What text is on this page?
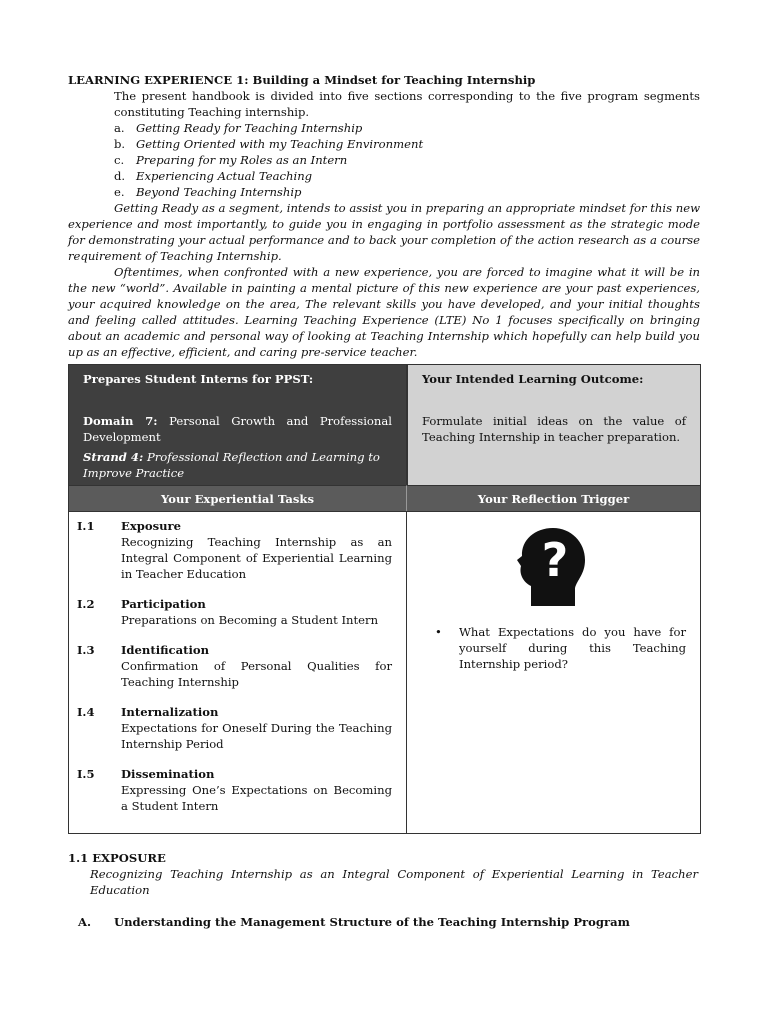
LEARNING EXPERIENCE 1: Building a Mindset for Teaching Internship
The present handbook is divided into five sections corresponding to the five program segments constituting Teaching internship.
a. Getting Ready for Teaching Internship
b. Getting Oriented with my Teaching Environment
c. Preparing for my Roles as an Intern
d. Experiencing Actual Teaching
e. Beyond Teaching Internship
Getting Ready as a segment, intends to assist you in preparing an appropriate mindset for this new experience and most importantly, to guide you in engaging in portfolio assessment as the strategic mode for demonstrating your actual performance and to back your completion of the action research as a course requirement of Teaching Internship.
Oftentimes, when confronted with a new experience, you are forced to imagine what it will be in the new “world”. Available in painting a mental picture of this new experience are your past experiences, your acquired knowledge on the area, The relevant skills you have developed, and your initial thoughts and feeling called attitudes. Learning Teaching Experience (LTE) No 1 focuses specifically on bringing about an academic and personal way of looking at Teaching Internship which hopefully can help build you up as an effective, efficient, and caring pre-service teacher.
Prepares Student Interns for PPST:
Domain 7: Personal Growth and Professional Development
Strand 4: Professional Reflection and Learning to Improve Practice
Your Intended Learning Outcome:
Formulate initial ideas on the value of Teaching Internship in teacher preparation.
Your Experiential Tasks	Your Reflection Trigger
I.1 Exposure
Recognizing Teaching Internship as an Integral Component of Experiential Learning in Teacher Education
I.2 Participation
Preparations on Becoming a Student Intern
I.3 Identification
Confirmation of Personal Qualities for Teaching Internship
I.4 Internalization
Expectations for Oneself During the Teaching Internship Period
I.5 Dissemination
Expressing One’s Expectations on Becoming a Student Intern
?
• What Expectations do you have for yourself during this Teaching Internship period?
1.1 EXPOSURE
Recognizing Teaching Internship as an Integral Component of Experiential Learning in Teacher Education
A. Understanding the Management Structure of the Teaching Internship Program
